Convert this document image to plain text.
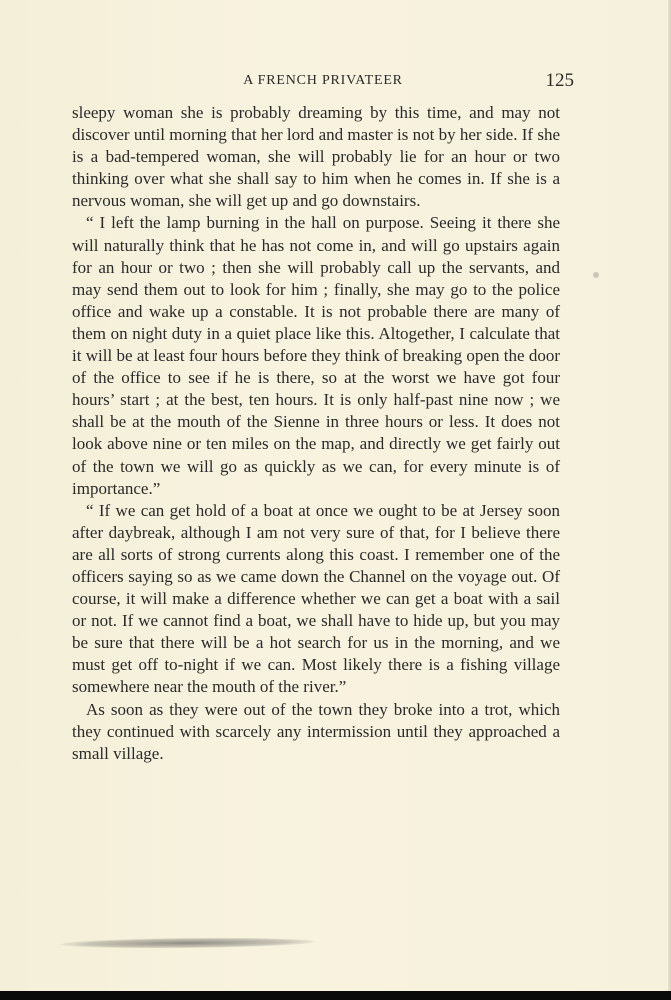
A FRENCH PRIVATEER	125

sleepy woman she is probably dreaming by this time, and may not discover until morning that her lord and master is not by her side. If she is a bad-tempered woman, she will probably lie for an hour or two thinking over what she shall say to him when he comes in. If she is a nervous woman, she will get up and go downstairs.

“ I left the lamp burning in the hall on purpose. Seeing it there she will naturally think that he has not come in, and will go upstairs again for an hour or two ; then she will probably call up the servants, and may send them out to look for him ; finally, she may go to the police office and wake up a constable. It is not probable there are many of them on night duty in a quiet place like this. Altogether, I calculate that it will be at least four hours before they think of breaking open the door of the office to see if he is there, so at the worst we have got four hours’ start ; at the best, ten hours. It is only half-past nine now ; we shall be at the mouth of the Sienne in three hours or less. It does not look above nine or ten miles on the map, and directly we get fairly out of the town we will go as quickly as we can, for every minute is of importance.”

“ If we can get hold of a boat at once we ought to be at Jersey soon after daybreak, although I am not very sure of that, for I believe there are all sorts of strong currents along this coast. I remember one of the officers saying so as we came down the Channel on the voyage out. Of course, it will make a difference whether we can get a boat with a sail or not. If we cannot find a boat, we shall have to hide up, but you may be sure that there will be a hot search for us in the morning, and we must get off to-night if we can. Most likely there is a fishing village somewhere near the mouth of the river.”

As soon as they were out of the town they broke into a trot, which they continued with scarcely any intermission until they approached a small village.
